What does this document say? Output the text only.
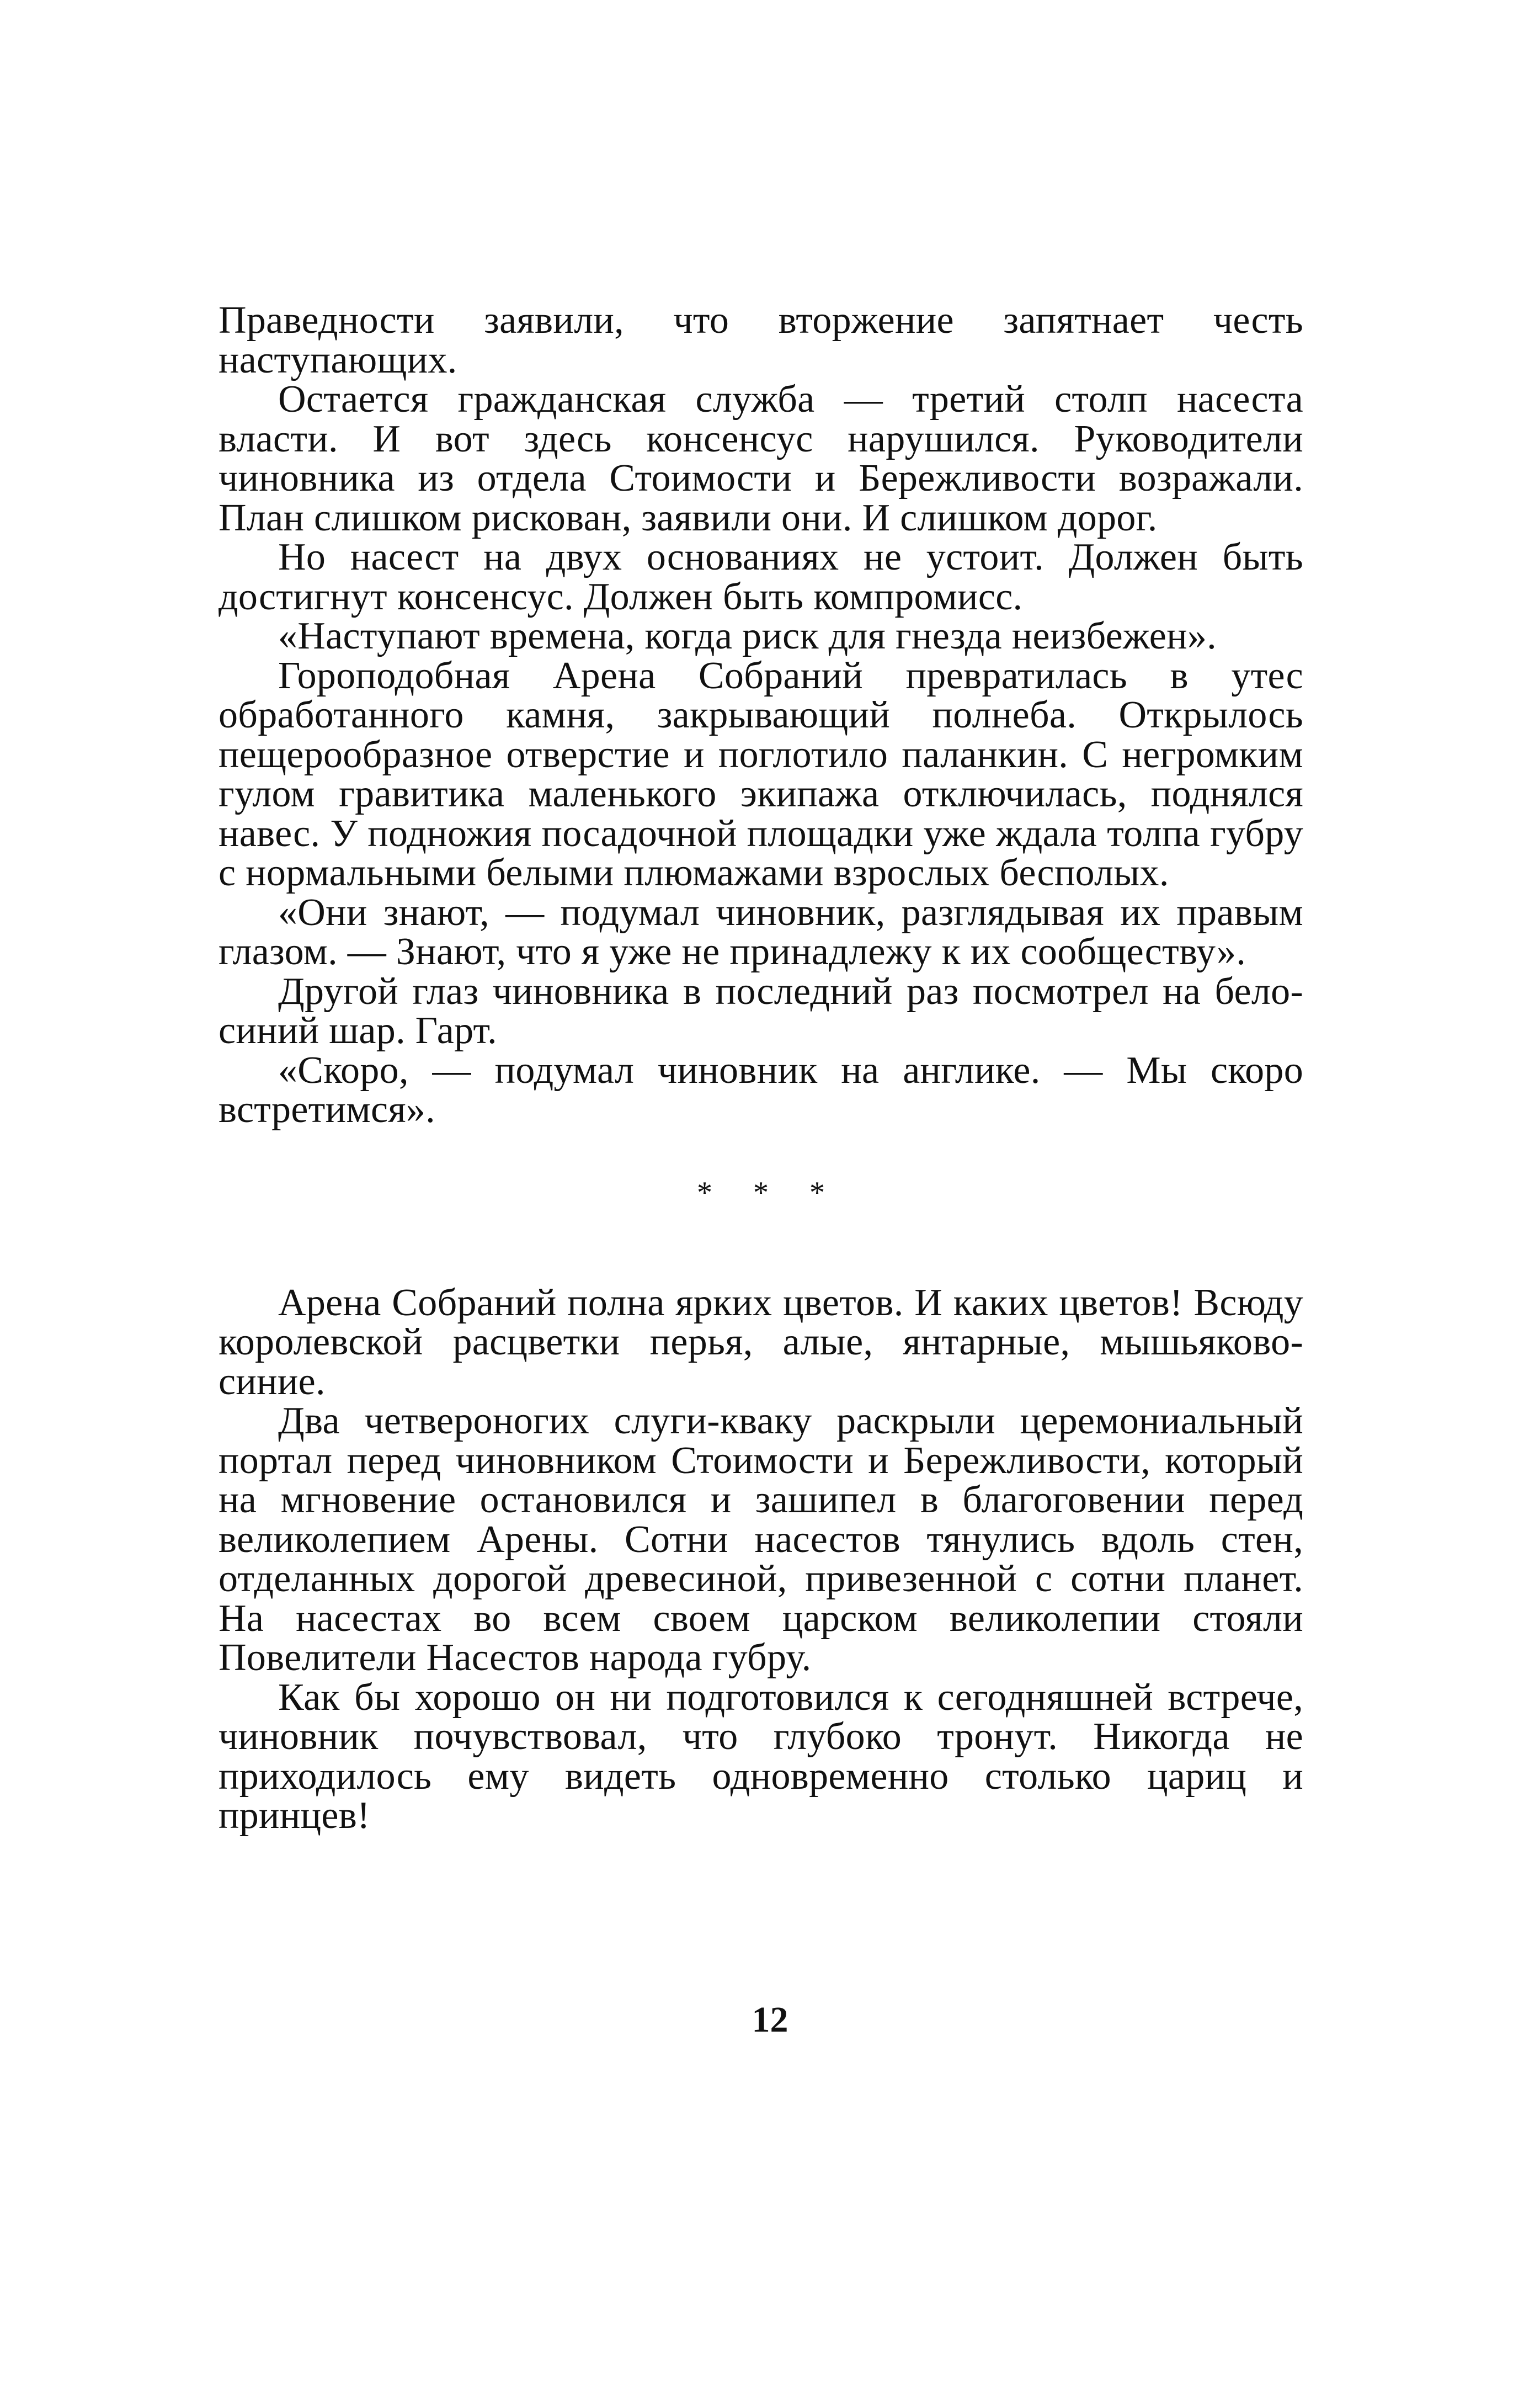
Праведности заявили, что вторжение запятнает честь наступающих.

Остается гражданская служба — третий столп насеста власти. И вот здесь консенсус нарушился. Руководители чиновника из отдела Стоимости и Бережливости возражали. План слишком рискован, заявили они. И слишком дорог.

Но насест на двух основаниях не устоит. Должен быть достигнут консенсус. Должен быть компромисс.

«Наступают времена, когда риск для гнезда неизбежен».

Гороподобная Арена Собраний превратилась в утес обработанного камня, закрывающий полнеба. Открылось пещерообразное отверстие и поглотило паланкин. С негромким гулом гравитика маленького экипажа отключилась, поднялся навес. У подножия посадочной площадки уже ждала толпа губру с нормальными белыми плюмажами взрослых бесполых.

«Они знают, — подумал чиновник, разглядывая их правым глазом. — Знают, что я уже не принадлежу к их сообществу».

Другой глаз чиновника в последний раз посмотрел на бело-синий шар. Гарт.

«Скоро, — подумал чиновник на англике. — Мы скоро встретимся».

* * *

Арена Собраний полна ярких цветов. И каких цветов! Всюду королевской расцветки перья, алые, янтарные, мышьяково-синие.

Два четвероногих слуги-кваку раскрыли церемониальный портал перед чиновником Стоимости и Бережливости, который на мгновение остановился и зашипел в благоговении перед великолепием Арены. Сотни насестов тянулись вдоль стен, отделанных дорогой древесиной, привезенной с сотни планет. На насестах во всем своем царском великолепии стояли Повелители Насестов народа губру.

Как бы хорошо он ни подготовился к сегодняшней встрече, чиновник почувствовал, что глубоко тронут. Никогда не приходилось ему видеть одновременно столько цариц и принцев!

12
